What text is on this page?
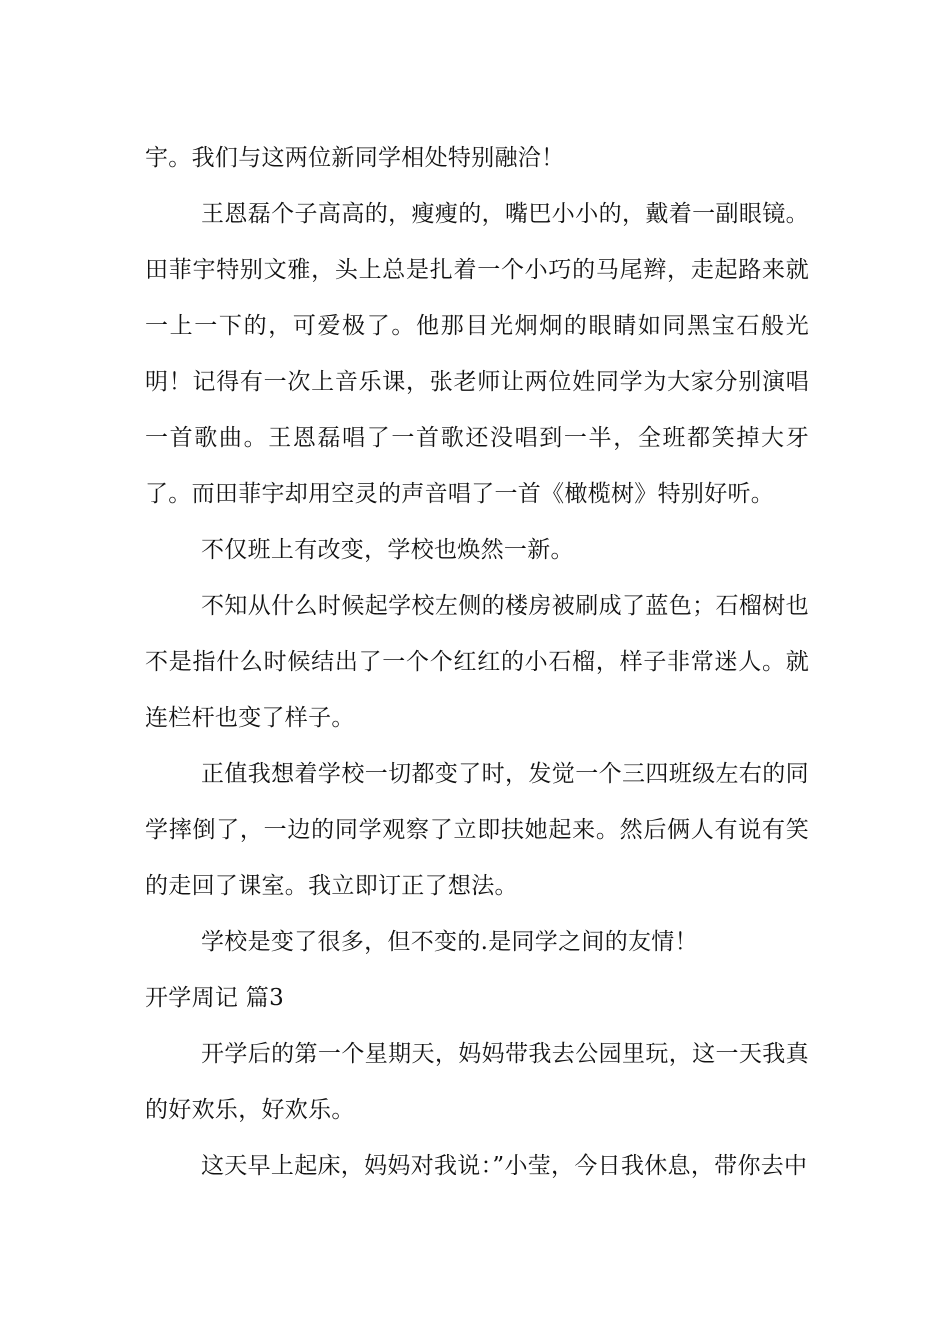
宇。我们与这两位新同学相处特别融洽！

王恩磊个子高高的，瘦瘦的，嘴巴小小的，戴着一副眼镜。田菲宇特别文雅，头上总是扎着一个小巧的马尾辫，走起路来就一上一下的，可爱极了。他那目光炯炯的眼睛如同黑宝石般光明！记得有一次上音乐课，张老师让两位姓同学为大家分别演唱一首歌曲。王恩磊唱了一首歌还没唱到一半，全班都笑掉大牙了。而田菲宇却用空灵的声音唱了一首《橄榄树》特别好听。

不仅班上有改变，学校也焕然一新。

不知从什么时候起学校左侧的楼房被刷成了蓝色；石榴树也不是指什么时候结出了一个个红红的小石榴，样子非常迷人。就连栏杆也变了样子。

正值我想着学校一切都变了时，发觉一个三四班级左右的同学摔倒了，一边的同学观察了立即扶她起来。然后俩人有说有笑的走回了课室。我立即订正了想法。

学校是变了很多，但不变的.是同学之间的友情！

开学周记 篇3

开学后的第一个星期天，妈妈带我去公园里玩，这一天我真的好欢乐，好欢乐。

这天早上起床，妈妈对我说：”小莹，今日我休息，带你去中
